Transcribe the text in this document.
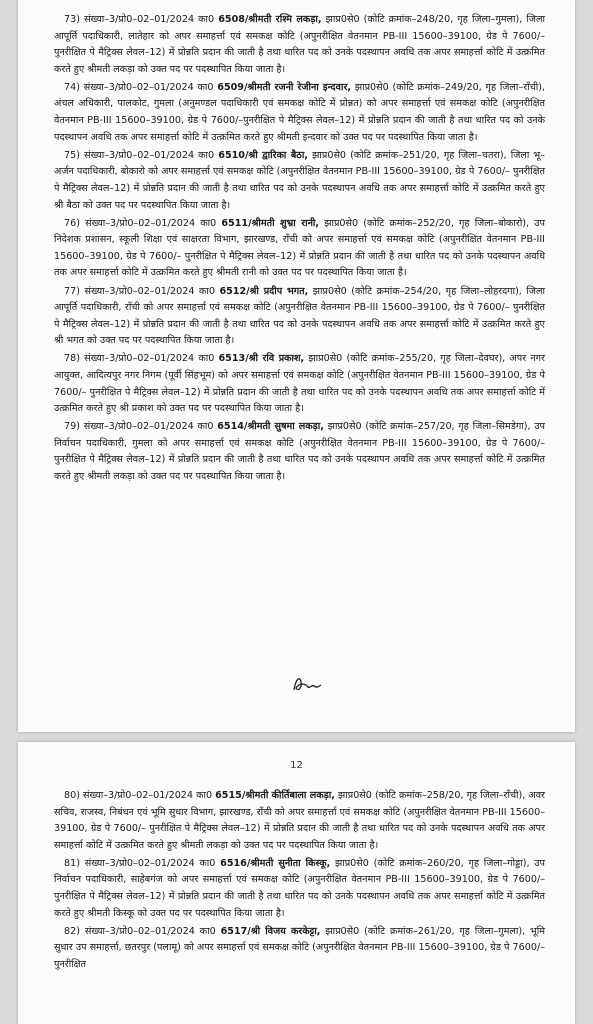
73) संख्या–3/प्रो0–02–01/2024 का0 6508/श्रीमती रश्मि लकड़ा, झाप्र0से0 (कोटि क्रमांक–248/20, गृह जिला–गुमला), जिला आपूर्ति पदाधिकारी, लातेहार को अपर समाहर्त्ता एवं समकक्ष कोटि (अपुनरीक्षित वेतनमान PB-III 15600–39100, ग्रेड पे 7600/– पुनरीक्षित पे मैट्रिक्स लेवल–12) में प्रोन्नति प्रदान की जाती है तथा धारित पद को उनके पदस्थापन अवधि तक अपर समाहर्त्ता कोटि में उत्क्रमित करते हुए श्रीमती लकड़ा को उक्त पद पर पदस्थापित किया जाता है।

74) संख्या–3/प्रो0–02–01/2024 का0 6509/श्रीमती रजनी रेजीना इन्दवार, झाप्र0से0 (कोटि क्रमांक–249/20, गृह जिला–राँची), अंचल अधिकारी, पालकोट, गुमला (अनुमण्डल पदाधिकारी एवं समकक्ष कोटि में प्रोन्नत) को अपर समाहर्त्ता एवं समकक्ष कोटि (अपुनरीक्षित वेतनमान PB-III 15600–39100, ग्रेड पे 7600/–पुनरीक्षित पे मैट्रिक्स लेवल–12) में प्रोन्नति प्रदान की जाती है तथा धारित पद को उनके पदस्थापन अवधि तक अपर समाहर्त्ता कोटि में उत्क्रमित करते हुए श्रीमती इन्दवार को उक्त पद पर पदस्थापित किया जाता है।

75) संख्या–3/प्रो0–02–01/2024 का0 6510/श्री द्वारिका बैठा, झाप्र0से0 (कोटि क्रमांक–251/20, गृह जिला–चतरा), जिला भू–अर्जन पदाधिकारी, बोकारो को अपर समाहर्त्ता एवं समकक्ष कोटि (अपुनरीक्षित वेतनमान PB-III 15600–39100, ग्रेड पे 7600/– पुनरीक्षित पे मैट्रिक्स लेवल–12) में प्रोन्नति प्रदान की जाती है तथा धारित पद को उनके पदस्थापन अवधि तक अपर समाहर्त्ता कोटि में उत्क्रमित करते हुए श्री बैठा को उक्त पद पर पदस्थापित किया जाता है।

76) संख्या–3/प्रो0–02–01/2024 का0 6511/श्रीमती शुभ्रा रानी, झाप्र0से0 (कोटि क्रमांक–252/20, गृह जिला–बोकारो), उप निदेशक प्रशासन, स्कूली शिक्षा एवं साक्षरता विभाग, झारखण्ड, राँची को अपर समाहर्त्ता एवं समकक्ष कोटि (अपुनरीक्षित वेतनमान PB-III 15600–39100, ग्रेड पे 7600/– पुनरीक्षित पे मैट्रिक्स लेवल–12) में प्रोन्नति प्रदान की जाती है तथा धारित पद को उनके पदस्थापन अवधि तक अपर समाहर्त्ता कोटि में उत्क्रमित करते हुए श्रीमती रानी को उक्त पद पर पदस्थापित किया जाता है।

77) संख्या–3/प्रो0–02–01/2024 का0 6512/श्री प्रदीप भगत, झाप्र0से0 (कोटि क्रमांक–254/20, गृह जिला–लोहरदगा), जिला आपूर्ति पदाधिकारी, राँची को अपर समाहर्त्ता एवं समकक्ष कोटि (अपुनरीक्षित वेतनमान PB-III 15600–39100, ग्रेड पे 7600/– पुनरीक्षित पे मैट्रिक्स लेवल–12) में प्रोन्नति प्रदान की जाती है तथा धारित पद को उनके पदस्थापन अवधि तक अपर समाहर्त्ता कोटि में उत्क्रमित करते हुए श्री भगत को उक्त पद पर पदस्थापित किया जाता है।

78) संख्या–3/प्रो0–02–01/2024 का0 6513/श्री रवि प्रकाश, झाप्र0से0 (कोटि क्रमांक–255/20, गृह जिला–देवघर), अपर नगर आयुक्त, आदित्यपुर नगर निगम (पूर्वी सिंहभूम) को अपर समाहर्त्ता एवं समकक्ष कोटि (अपुनरीक्षित वेतनमान PB-III 15600–39100, ग्रेड पे 7600/– पुनरीक्षित पे मैट्रिक्स लेवल–12) में प्रोन्नति प्रदान की जाती है तथा धारित पद को उनके पदस्थापन अवधि तक अपर समाहर्त्ता कोटि में उत्क्रमित करते हुए श्री प्रकाश को उक्त पद पर पदस्थापित किया जाता है।

79) संख्या–3/प्रो0–02–01/2024 का0 6514/श्रीमती सुषमा लकड़ा, झाप्र0से0 (कोटि क्रमांक–257/20, गृह जिला–सिमडेगा), उप निर्वाचन पदाधिकारी, गुमला को अपर समाहर्त्ता एवं समकक्ष कोटि (अपुनरीक्षित वेतनमान PB-III 15600–39100, ग्रेड पे 7600/– पुनरीक्षित पे मैट्रिक्स लेवल–12) में प्रोन्नति प्रदान की जाती है तथा धारित पद को उनके पदस्थापन अवधि तक अपर समाहर्त्ता कोटि में उत्क्रमित करते हुए श्रीमती लकड़ा को उक्त पद पर पदस्थापित किया जाता है।

12

80) संख्या–3/प्रो0–02–01/2024 का0 6515/श्रीमती कीर्तिबाला लकड़ा, झाप्र0से0 (कोटि क्रमांक–258/20, गृह जिला–राँची), अवर सचिव, राजस्व, निबंधन एवं भूमि सुधार विभाग, झारखण्ड, राँची को अपर समाहर्त्ता एवं समकक्ष कोटि (अपुनरीक्षित वेतनमान PB-III 15600–39100, ग्रेड पे 7600/– पुनरीक्षित पे मैट्रिक्स लेवल–12) में प्रोन्नति प्रदान की जाती है तथा धारित पद को उनके पदस्थापन अवधि तक अपर समाहर्त्ता कोटि में उत्क्रमित करते हुए श्रीमती लकड़ा को उक्त पद पर पदस्थापित किया जाता है।

81) संख्या–3/प्रो0–02–01/2024 का0 6516/श्रीमती सुनीता किस्कू, झाप्र0से0 (कोटि क्रमांक–260/20, गृह जिला–गोड्डा), उप निर्वाचन पदाधिकारी, साहेबगंज को अपर समाहर्त्ता एवं समकक्ष कोटि (अपुनरीक्षित वेतनमान PB-III 15600–39100, ग्रेड पे 7600/– पुनरीक्षित पे मैट्रिक्स लेवल–12) में प्रोन्नति प्रदान की जाती है तथा धारित पद को उनके पदस्थापन अवधि तक अपर समाहर्त्ता कोटि में उत्क्रमित करते हुए श्रीमती किस्कू को उक्त पद पर पदस्थापित किया जाता है।

82) संख्या–3/प्रो0–02–01/2024 का0 6517/श्री विजय करकेट्टा, झाप्र0से0 (कोटि क्रमांक–261/20, गृह जिला–गुमला), भूमि सुधार उप समाहर्त्ता, छतरपुर (पलामू) को अपर समाहर्त्ता एवं समकक्ष कोटि (अपुनरीक्षित वेतनमान PB-III 15600–39100, ग्रेड पे 7600/– पुनरीक्षित
